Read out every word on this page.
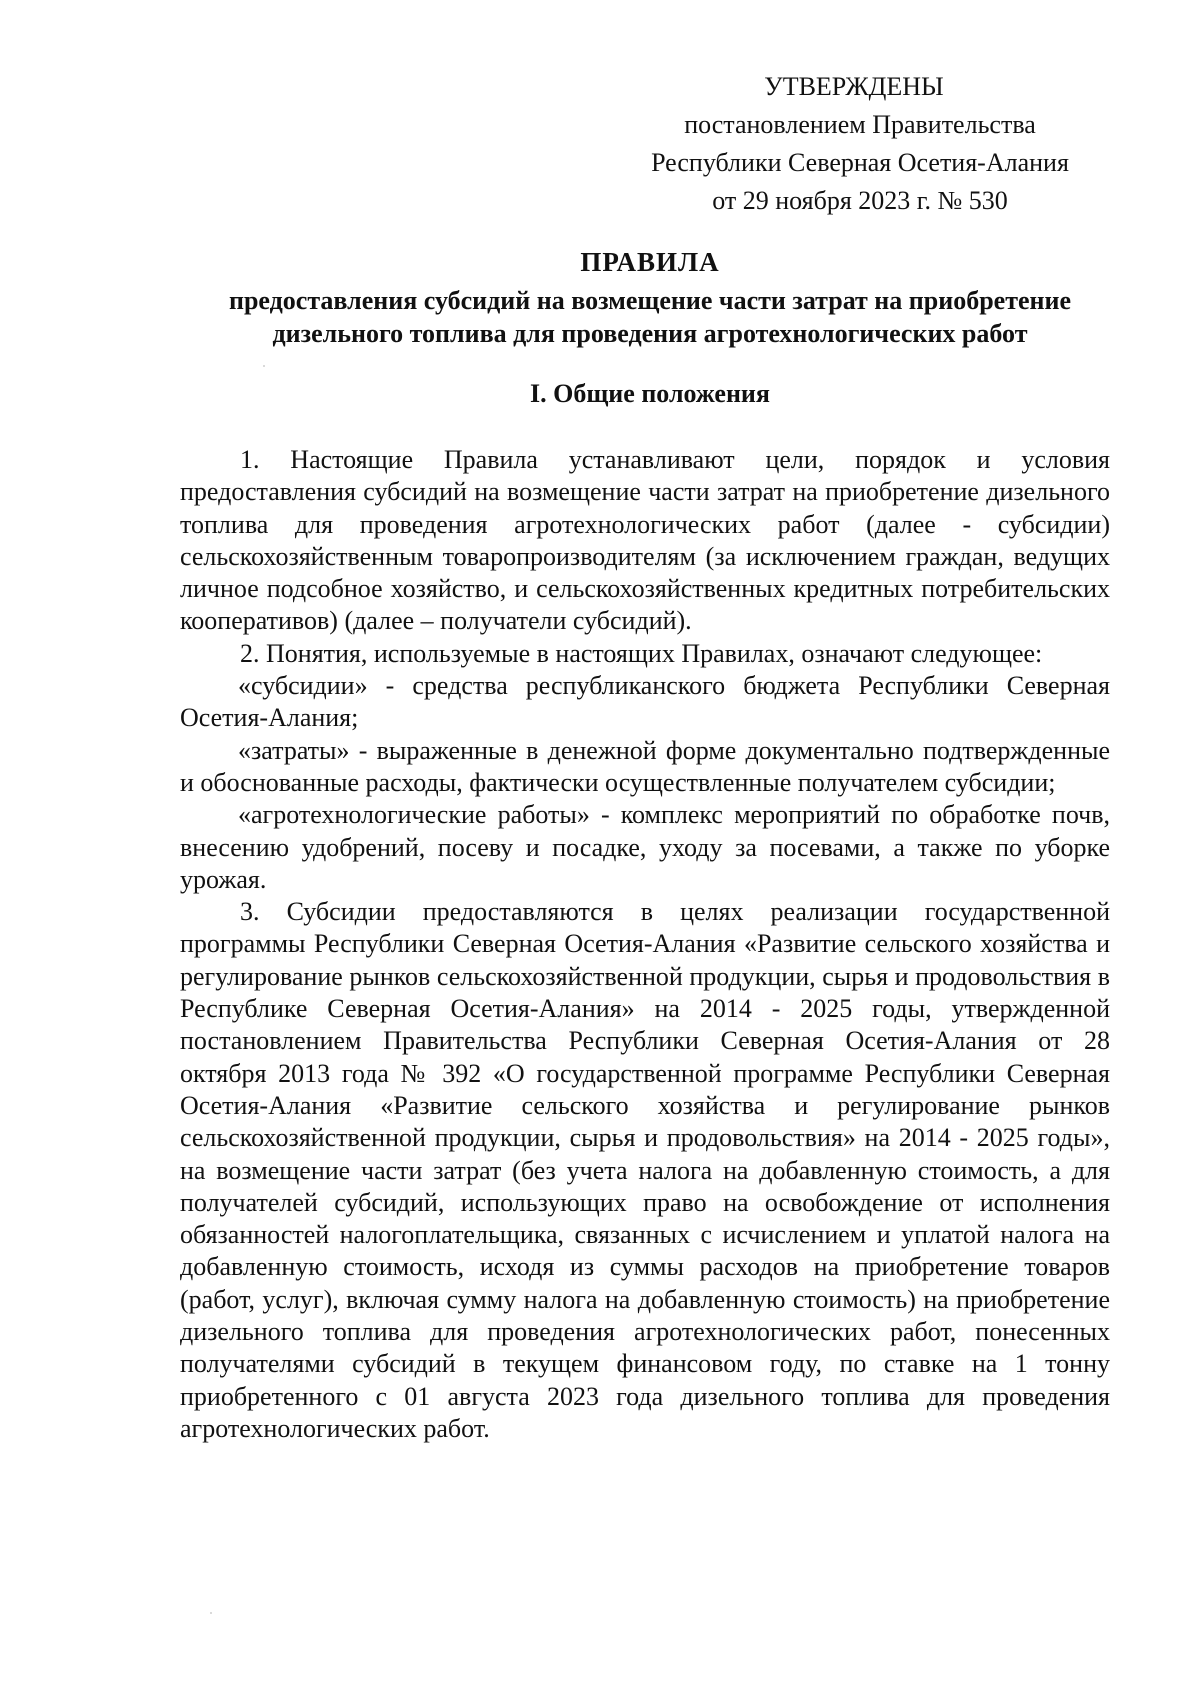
УТВЕРЖДЕНЫ
постановлением Правительства
Республики Северная Осетия-Алания
от 29 ноября 2023 г. № 530
ПРАВИЛА
предоставления субсидий на возмещение части затрат на приобретение
дизельного топлива для проведения агротехнологических работ
I. Общие положения

1. Настоящие Правила устанавливают цели, порядок и условия предоставления субсидий на возмещение части затрат на приобретение дизельного топлива для проведения агротехнологических работ (далее - субсидии) сельскохозяйственным товаропроизводителям (за исключением граждан, ведущих личное подсобное хозяйство, и сельскохозяйственных кредитных потребительских кооперативов) (далее – получатели субсидий).

2. Понятия, используемые в настоящих Правилах, означают следующее:

«субсидии» - средства республиканского бюджета Республики Северная Осетия-Алания;

«затраты» - выраженные в денежной форме документально подтвержденные и обоснованные расходы, фактически осуществленные получателем субсидии;

«агротехнологические работы» - комплекс мероприятий по обработке почв, внесению удобрений, посеву и посадке, уходу за посевами, а также по уборке урожая.

3. Субсидии предоставляются в целях реализации государственной программы Республики Северная Осетия-Алания «Развитие сельского хозяйства и регулирование рынков сельскохозяйственной продукции, сырья и продовольствия в Республике Северная Осетия-Алания» на 2014 - 2025 годы, утвержденной постановлением Правительства Республики Северная Осетия-Алания от 28 октября 2013 года № 392 «О государственной программе Республики Северная Осетия-Алания «Развитие сельского хозяйства и регулирование рынков сельскохозяйственной продукции, сырья и продовольствия» на 2014 - 2025 годы», на возмещение части затрат (без учета налога на добавленную стоимость, а для получателей субсидий, использующих право на освобождение от исполнения обязанностей налогоплательщика, связанных с исчислением и уплатой налога на добавленную стоимость, исходя из суммы расходов на приобретение товаров (работ, услуг), включая сумму налога на добавленную стоимость) на приобретение дизельного топлива для проведения агротехнологических работ, понесенных получателями субсидий в текущем финансовом году, по ставке на 1 тонну приобретенного с 01 августа 2023 года дизельного топлива для проведения агротехнологических работ.
